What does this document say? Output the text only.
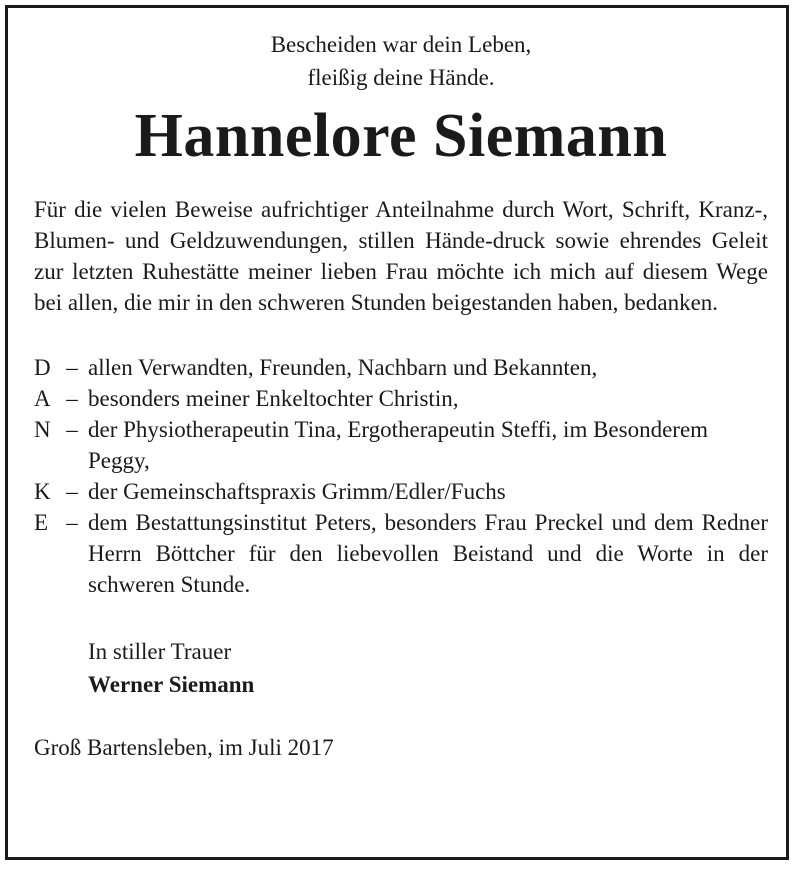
Bescheiden war dein Leben,
fleißig deine Hände.

Hannelore Siemann

Für die vielen Beweise aufrichtiger Anteilnahme durch Wort, Schrift, Kranz-, Blumen- und Geldzuwendungen, stillen Hände-druck sowie ehrendes Geleit zur letzten Ruhestätte meiner lieben Frau möchte ich mich auf diesem Wege bei allen, die mir in den schweren Stunden beigestanden haben, bedanken.

D – allen Verwandten, Freunden, Nachbarn und Bekannten,
A – besonders meiner Enkeltochter Christin,
N – der Physiotherapeutin Tina, Ergotherapeutin Steffi, im Besonderem Peggy,
K – der Gemeinschaftspraxis Grimm/Edler/Fuchs
E – dem Bestattungsinstitut Peters, besonders Frau Preckel und dem Redner Herrn Böttcher für den liebevollen Beistand und die Worte in der schweren Stunde.
In stiller Trauer
Werner Siemann
Groß Bartensleben, im Juli 2017
